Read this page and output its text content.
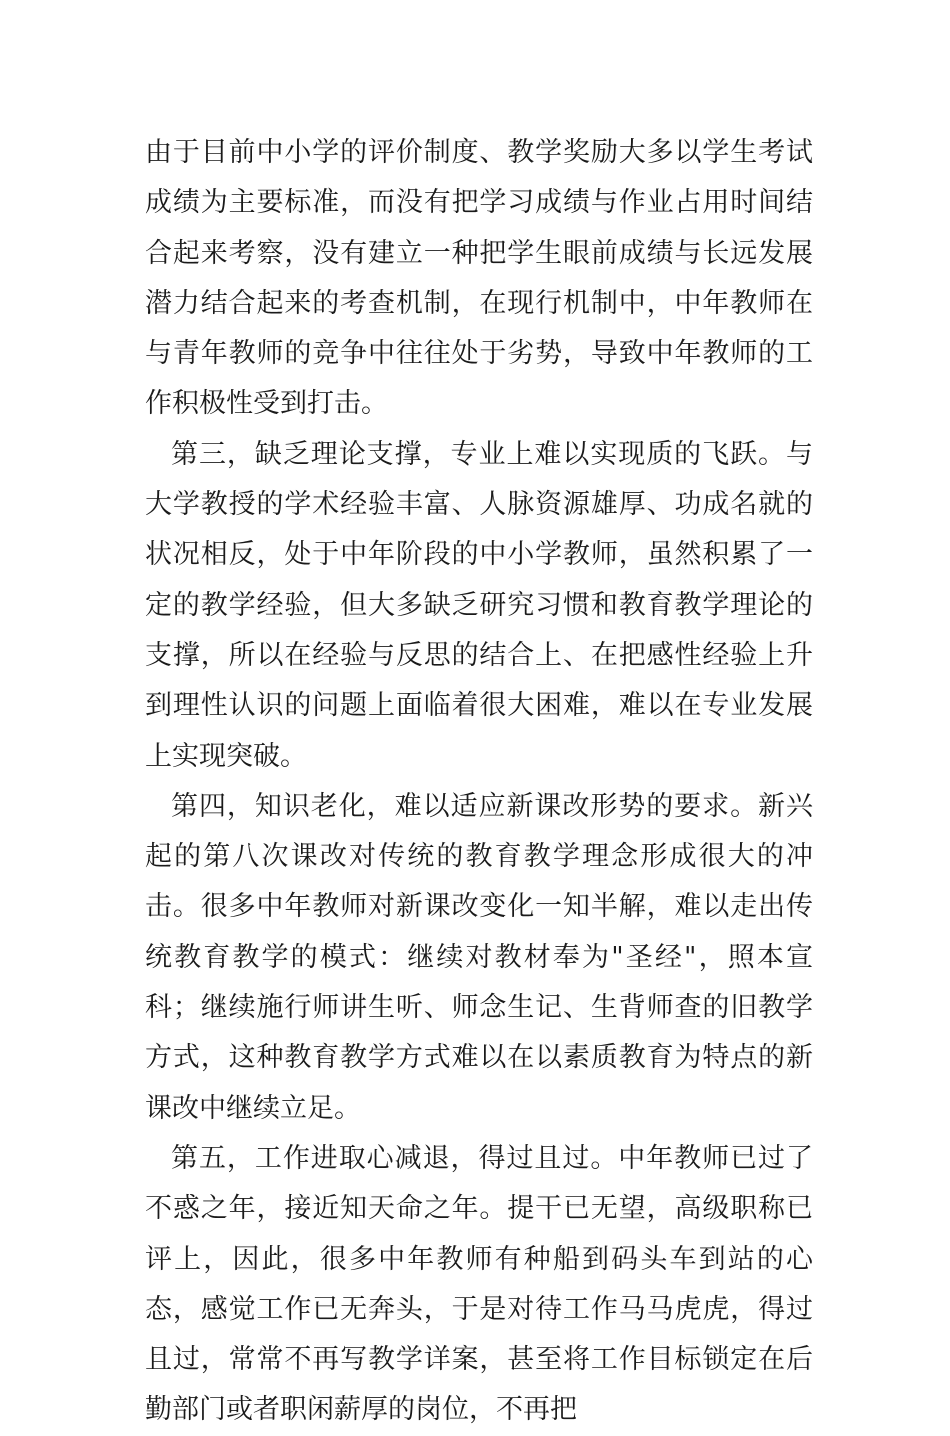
由于目前中小学的评价制度、教学奖励大多以学生考试成绩为主要标准，而没有把学习成绩与作业占用时间结合起来考察，没有建立一种把学生眼前成绩与长远发展潜力结合起来的考查机制，在现行机制中，中年教师在与青年教师的竞争中往往处于劣势，导致中年教师的工作积极性受到打击。

第三，缺乏理论支撑，专业上难以实现质的飞跃。与大学教授的学术经验丰富、人脉资源雄厚、功成名就的状况相反，处于中年阶段的中小学教师，虽然积累了一定的教学经验，但大多缺乏研究习惯和教育教学理论的支撑，所以在经验与反思的结合上、在把感性经验上升到理性认识的问题上面临着很大困难，难以在专业发展上实现突破。

第四，知识老化，难以适应新课改形势的要求。新兴起的第八次课改对传统的教育教学理念形成很大的冲击。很多中年教师对新课改变化一知半解，难以走出传统教育教学的模式：继续对教材奉为"圣经"，照本宣科；继续施行师讲生听、师念生记、生背师查的旧教学方式，这种教育教学方式难以在以素质教育为特点的新课改中继续立足。

第五，工作进取心减退，得过且过。中年教师已过了不惑之年，接近知天命之年。提干已无望，高级职称已评上，因此，很多中年教师有种船到码头车到站的心态，感觉工作已无奔头，于是对待工作马马虎虎，得过且过，常常不再写教学详案，甚至将工作目标锁定在后勤部门或者职闲薪厚的岗位，不再把
